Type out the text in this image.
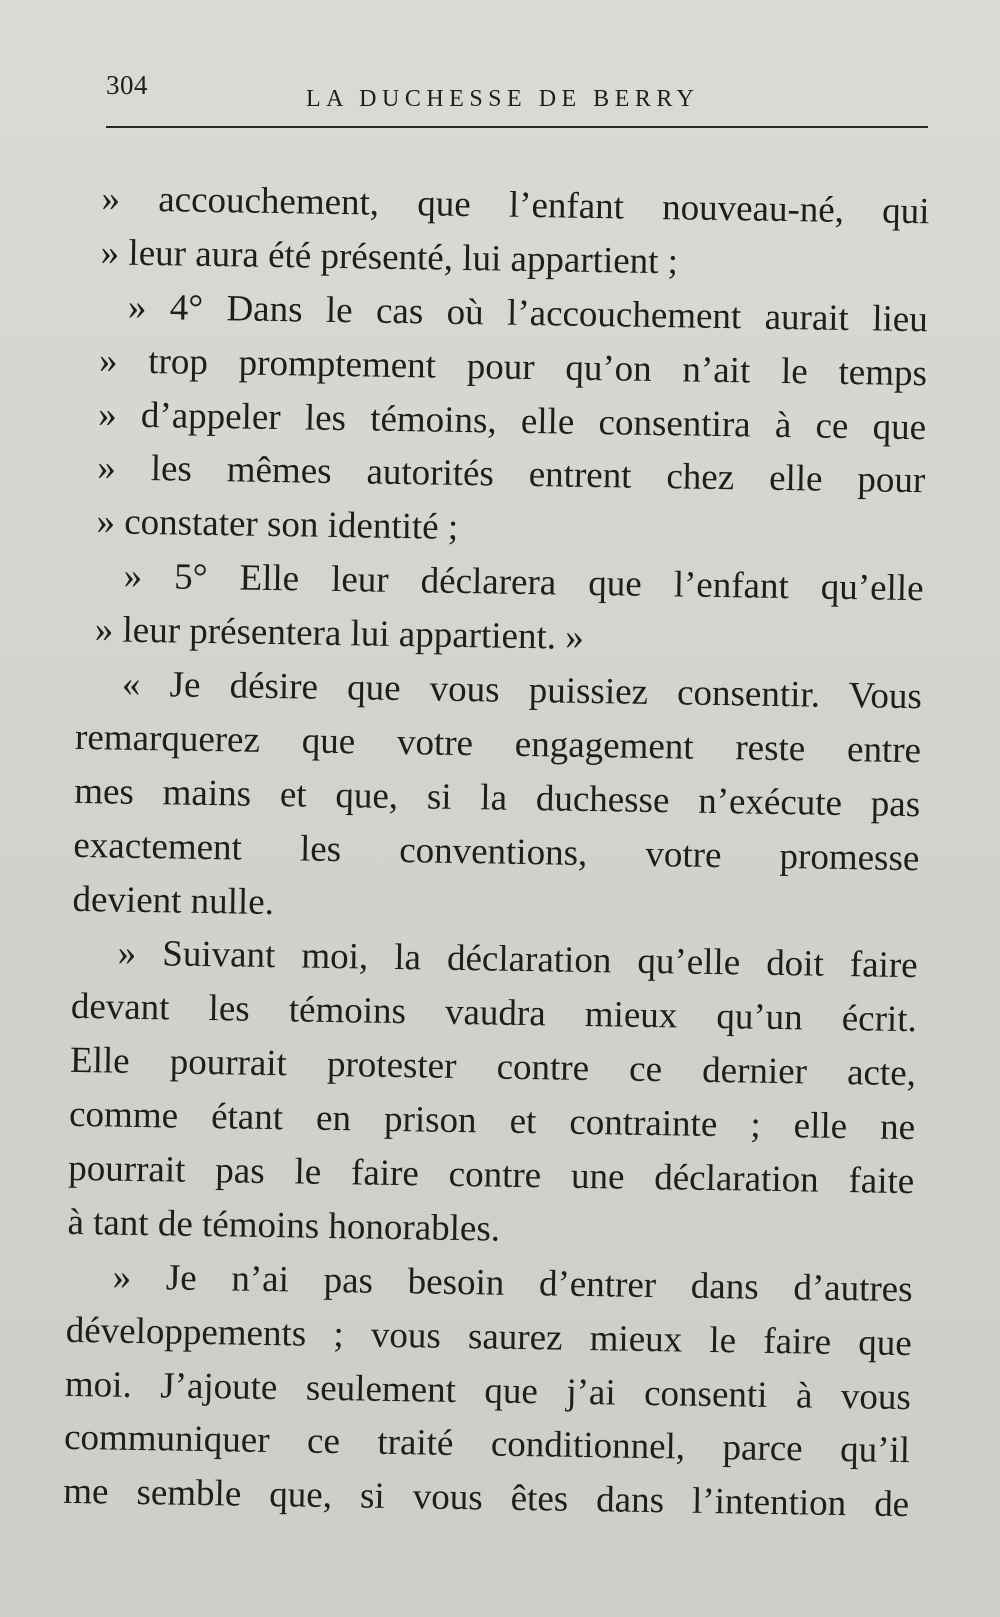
304	LA DUCHESSE DE BERRY
» accouchement, que l’enfant nouveau-né, qui
» leur aura été présenté, lui appartient ;
» 4° Dans le cas où l’accouchement aurait lieu
» trop promptement pour qu’on n’ait le temps
» d’appeler les témoins, elle consentira à ce que
» les mêmes autorités entrent chez elle pour
» constater son identité ;
» 5° Elle leur déclarera que l’enfant qu’elle
» leur présentera lui appartient. »
« Je désire que vous puissiez consentir. Vous
remarquerez que votre engagement reste entre
mes mains et que, si la duchesse n’exécute pas
exactement les conventions, votre promesse
devient nulle.
» Suivant moi, la déclaration qu’elle doit faire
devant les témoins vaudra mieux qu’un écrit.
Elle pourrait protester contre ce dernier acte,
comme étant en prison et contrainte ; elle ne
pourrait pas le faire contre une déclaration faite
à tant de témoins honorables.
» Je n’ai pas besoin d’entrer dans d’autres
développements ; vous saurez mieux le faire que
moi. J’ajoute seulement que j’ai consenti à vous
communiquer ce traité conditionnel, parce qu’il
me semble que, si vous êtes dans l’intention de
